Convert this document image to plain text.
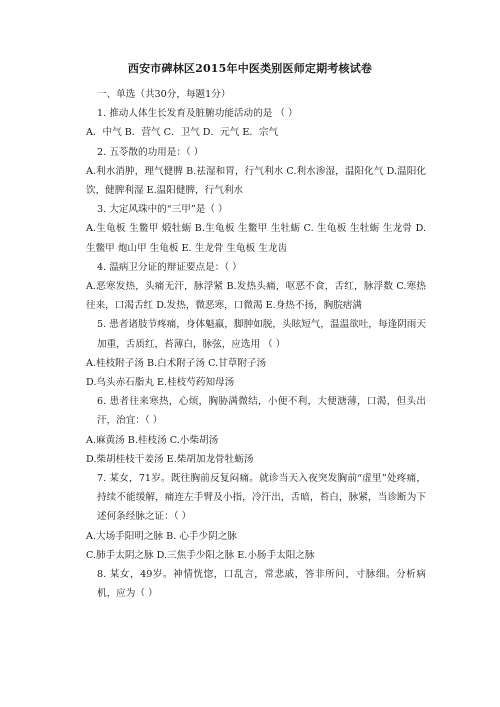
西安市碑林区2015年中医类别医师定期考核试卷
一、单选（共30分，每题1分）
1. 推动人体生长发育及脏腑功能活动的是 （ ）
A．中气 B．营气 C．卫气 D．元气 E．宗气
2. 五苓散的功用是：（ ）
A.利水消肿，理气健脾 B.祛湿和胃，行气利水 C.利水渗湿，温阳化气 D.温阳化饮，健脾利湿 E.温阳健脾，行气利水
3. 大定风珠中的“三甲”是（ ）
A.生龟板 生鳖甲 煅牡蛎 B.生龟板 生鳖甲 生牡蛎 C. 生龟板 生牡蛎 生龙骨 D. 生鳖甲 炮山甲 生龟板 E. 生龙骨 生龟板 生龙齿
4. 温病卫分证的辩证要点是：（ ）
A.恶寒发热，头痛无汗，脉浮紧 B.发热头痛，呕恶不食，舌红，脉浮数 C.寒热往来，口渴舌红 D.发热，微恶寒，口微渴 E.身热不扬，胸脘痞满
5. 患者诸肢节疼痛，身体魁羸，脚肿如脱，头眩短气，温温欲吐，每逢阴雨天加重，舌质红，苔薄白，脉弦，应选用 （ ）
A.桂枝附子汤 B.白术附子汤 C.甘草附子汤
D.乌头赤石脂丸 E.桂枝芍药知母汤
6. 患者往来寒热，心烦，胸胁满微结，小便不利，大便溏薄，口渴，但头出汗，治宜：（ ）
A.麻黄汤 B.桂枝汤 C.小柴胡汤
D.柴胡桂枝干姜汤 E.柴胡加龙骨牡蛎汤
7. 某女，71岁。既往胸前反复闷痛。就诊当天入夜突发胸前“虚里”处疼痛，持续不能缓解，痛连左手臂及小指，冷汗出，舌暗，苔白，脉紧，当诊断为下述何条经脉之证：（ ）
A.大场手阳明之脉 B. 心手少阴之脉
C.肺手太阴之脉 D.三焦手少阳之脉 E.小肠手太阳之脉
8. 某女，49岁。神情恍惚，口乱言，常悲戚，答非所问，寸脉细。分析病机，应为（ ）
